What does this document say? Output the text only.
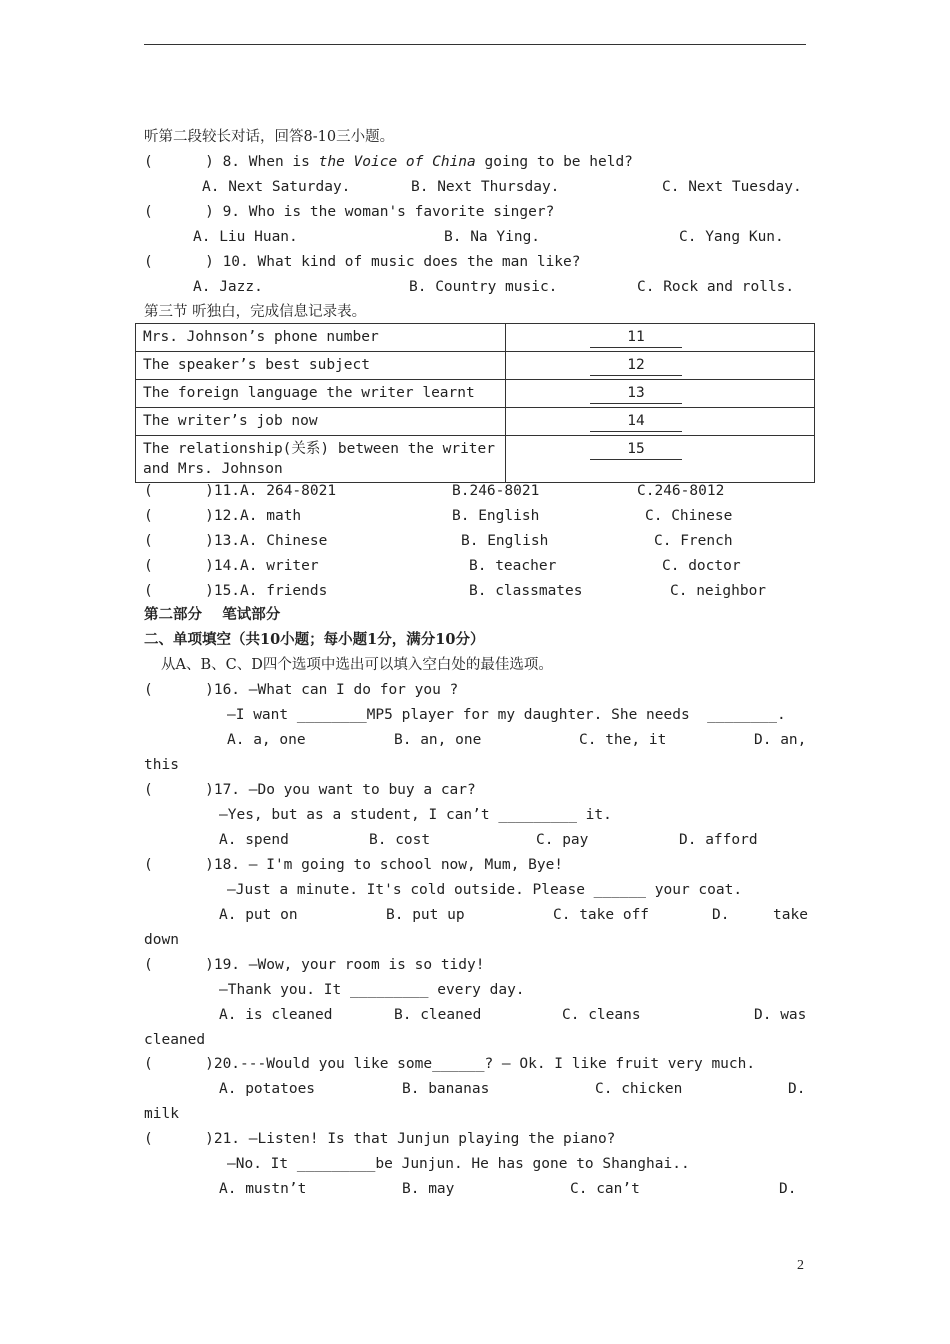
听第二段较长对话，回答8-10三小题。
(      ) 8. When is the Voice of China going to be held?
A. Next Saturday.	B. Next Thursday.	C. Next Tuesday.
(      ) 9. Who is the woman's favorite singer?
A. Liu Huan.	B. Na Ying.	C. Yang Kun.
(      ) 10. What kind of music does the man like?
A. Jazz.	B. Country music.	C. Rock and rolls.
第三节 听独白，完成信息记录表。
Mrs. Johnson’s phone number	11
The speaker’s best subject	12
The foreign language the writer learnt	13
The writer’s job now	14
The relationship(关系) between the writer and Mrs. Johnson	15
(      )11.A. 264-8021	B.246-8021	C.246-8012
(      )12.A. math	B. English	C. Chinese
(      )13.A. Chinese	B. English	C. French
(      )14.A. writer	B. teacher	C. doctor
(      )15.A. friends	B. classmates	C. neighbor
第二部分    笔试部分
二、单项填空（共10小题；每小题1分，满分10分）
从A、B、C、D四个选项中选出可以填入空白处的最佳选项。
(      )16. —What can I do for you ?
—I want ________MP5 player for my daughter. She needs  ________.
A. a, one	B. an, one	C. the, it	D. an,
this
(      )17. —Do you want to buy a car?
—Yes, but as a student, I can’t _________ it.
A. spend	B. cost	C. pay	D. afford
(      )18. — I'm going to school now, Mum, Bye!
—Just a minute. It's cold outside. Please ______ your coat.
A. put on	B. put up	C. take off	D.	take
down
(      )19. —Wow, your room is so tidy!
—Thank you. It _________ every day.
A. is cleaned	B. cleaned	C. cleans	D. was
cleaned
(      )20.---Would you like some______? — Ok. I like fruit very much.
A. potatoes	B. bananas	C. chicken	D.
milk
(      )21. —Listen! Is that Junjun playing the piano?
—No. It _________be Junjun. He has gone to Shanghai..
A. mustn’t	B. may	C. can’t	D.
2
